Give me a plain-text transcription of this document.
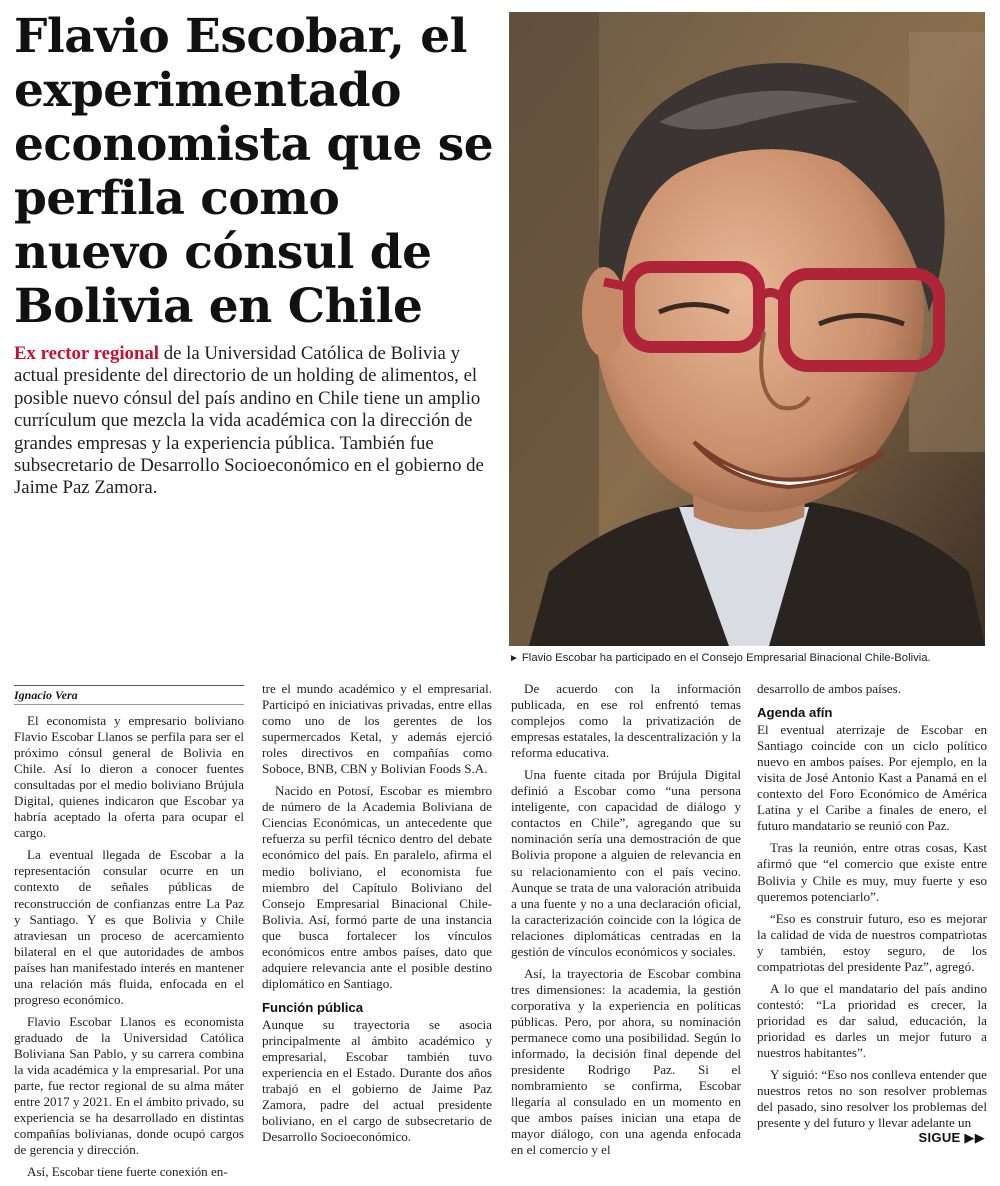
Flavio Escobar, el experimentado economista que se perfila como nuevo cónsul de Bolivia en Chile

Ex rector regional de la Universidad Católica de Bolivia y actual presidente del directorio de un holding de alimentos, el posible nuevo cónsul del país andino en Chile tiene un amplio currículum que mezcla la vida académica con la dirección de grandes empresas y la experiencia pública. También fue subsecretario de Desarrollo Socioeconómico en el gobierno de Jaime Paz Zamora.

► Flavio Escobar ha participado en el Consejo Empresarial Binacional Chile-Bolivia.

Ignacio Vera

El economista y empresario boliviano Flavio Escobar Llanos se perfila para ser el próximo cónsul general de Bolivia en Chile. Así lo dieron a conocer fuentes consultadas por el medio boliviano Brújula Digital, quienes indicaron que Escobar ya habría aceptado la oferta para ocupar el cargo.

La eventual llegada de Escobar a la representación consular ocurre en un contexto de señales públicas de reconstrucción de confianzas entre La Paz y Santiago. Y es que Bolivia y Chile atraviesan un proceso de acercamiento bilateral en el que autoridades de ambos países han manifestado interés en mantener una relación más fluida, enfocada en el progreso económico.

Flavio Escobar Llanos es economista graduado de la Universidad Católica Boliviana San Pablo, y su carrera combina la vida académica y la empresarial. Por una parte, fue rector regional de su alma máter entre 2017 y 2021. En el ámbito privado, su experiencia se ha desarrollado en distintas compañías bolivianas, donde ocupó cargos de gerencia y dirección.

Así, Escobar tiene fuerte conexión en-

tre el mundo académico y el empresarial. Participó en iniciativas privadas, entre ellas como uno de los gerentes de los supermercados Ketal, y además ejerció roles directivos en compañías como Soboce, BNB, CBN y Bolivian Foods S.A.

Nacido en Potosí, Escobar es miembro de número de la Academia Boliviana de Ciencias Económicas, un antecedente que refuerza su perfil técnico dentro del debate económico del país. En paralelo, afirma el medio boliviano, el economista fue miembro del Capítulo Boliviano del Consejo Empresarial Binacional Chile-Bolivia. Así, formó parte de una instancia que busca fortalecer los vínculos económicos entre ambos países, dato que adquiere relevancia ante el posible destino diplomático en Santiago.

Función pública

Aunque su trayectoria se asocia principalmente al ámbito académico y empresarial, Escobar también tuvo experiencia en el Estado. Durante dos años trabajó en el gobierno de Jaime Paz Zamora, padre del actual presidente boliviano, en el cargo de subsecretario de Desarrollo Socioeconómico.

De acuerdo con la información publicada, en ese rol enfrentó temas complejos como la privatización de empresas estatales, la descentralización y la reforma educativa.

Una fuente citada por Brújula Digital definió a Escobar como “una persona inteligente, con capacidad de diálogo y contactos en Chile”, agregando que su nominación sería una demostración de que Bolivia propone a alguien de relevancia en su relacionamiento con el país vecino. Aunque se trata de una valoración atribuida a una fuente y no a una declaración oficial, la caracterización coincide con la lógica de relaciones diplomáticas centradas en la gestión de vínculos económicos y sociales.

Así, la trayectoria de Escobar combina tres dimensiones: la academia, la gestión corporativa y la experiencia en políticas públicas. Pero, por ahora, su nominación permanece como una posibilidad. Según lo informado, la decisión final depende del presidente Rodrigo Paz. Si el nombramiento se confirma, Escobar llegaría al consulado en un momento en que ambos países inician una etapa de mayor diálogo, con una agenda enfocada en el comercio y el

desarrollo de ambos países.

Agenda afín

El eventual aterrizaje de Escobar en Santiago coincide con un ciclo político nuevo en ambos países. Por ejemplo, en la visita de José Antonio Kast a Panamá en el contexto del Foro Económico de América Latina y el Caribe a finales de enero, el futuro mandatario se reunió con Paz.

Tras la reunión, entre otras cosas, Kast afirmó que “el comercio que existe entre Bolivia y Chile es muy, muy fuerte y eso queremos potenciarlo”.

“Eso es construir futuro, eso es mejorar la calidad de vida de nuestros compatriotas y también, estoy seguro, de los compatriotas del presidente Paz”, agregó.

A lo que el mandatario del país andino contestó: “La prioridad es crecer, la prioridad es dar salud, educación, la prioridad es darles un mejor futuro a nuestros habitantes”.

Y siguió: “Eso nos conlleva entender que nuestros retos no son resolver problemas del pasado, sino resolver los problemas del presente y del futuro y llevar adelante un

SIGUE ▶▶
